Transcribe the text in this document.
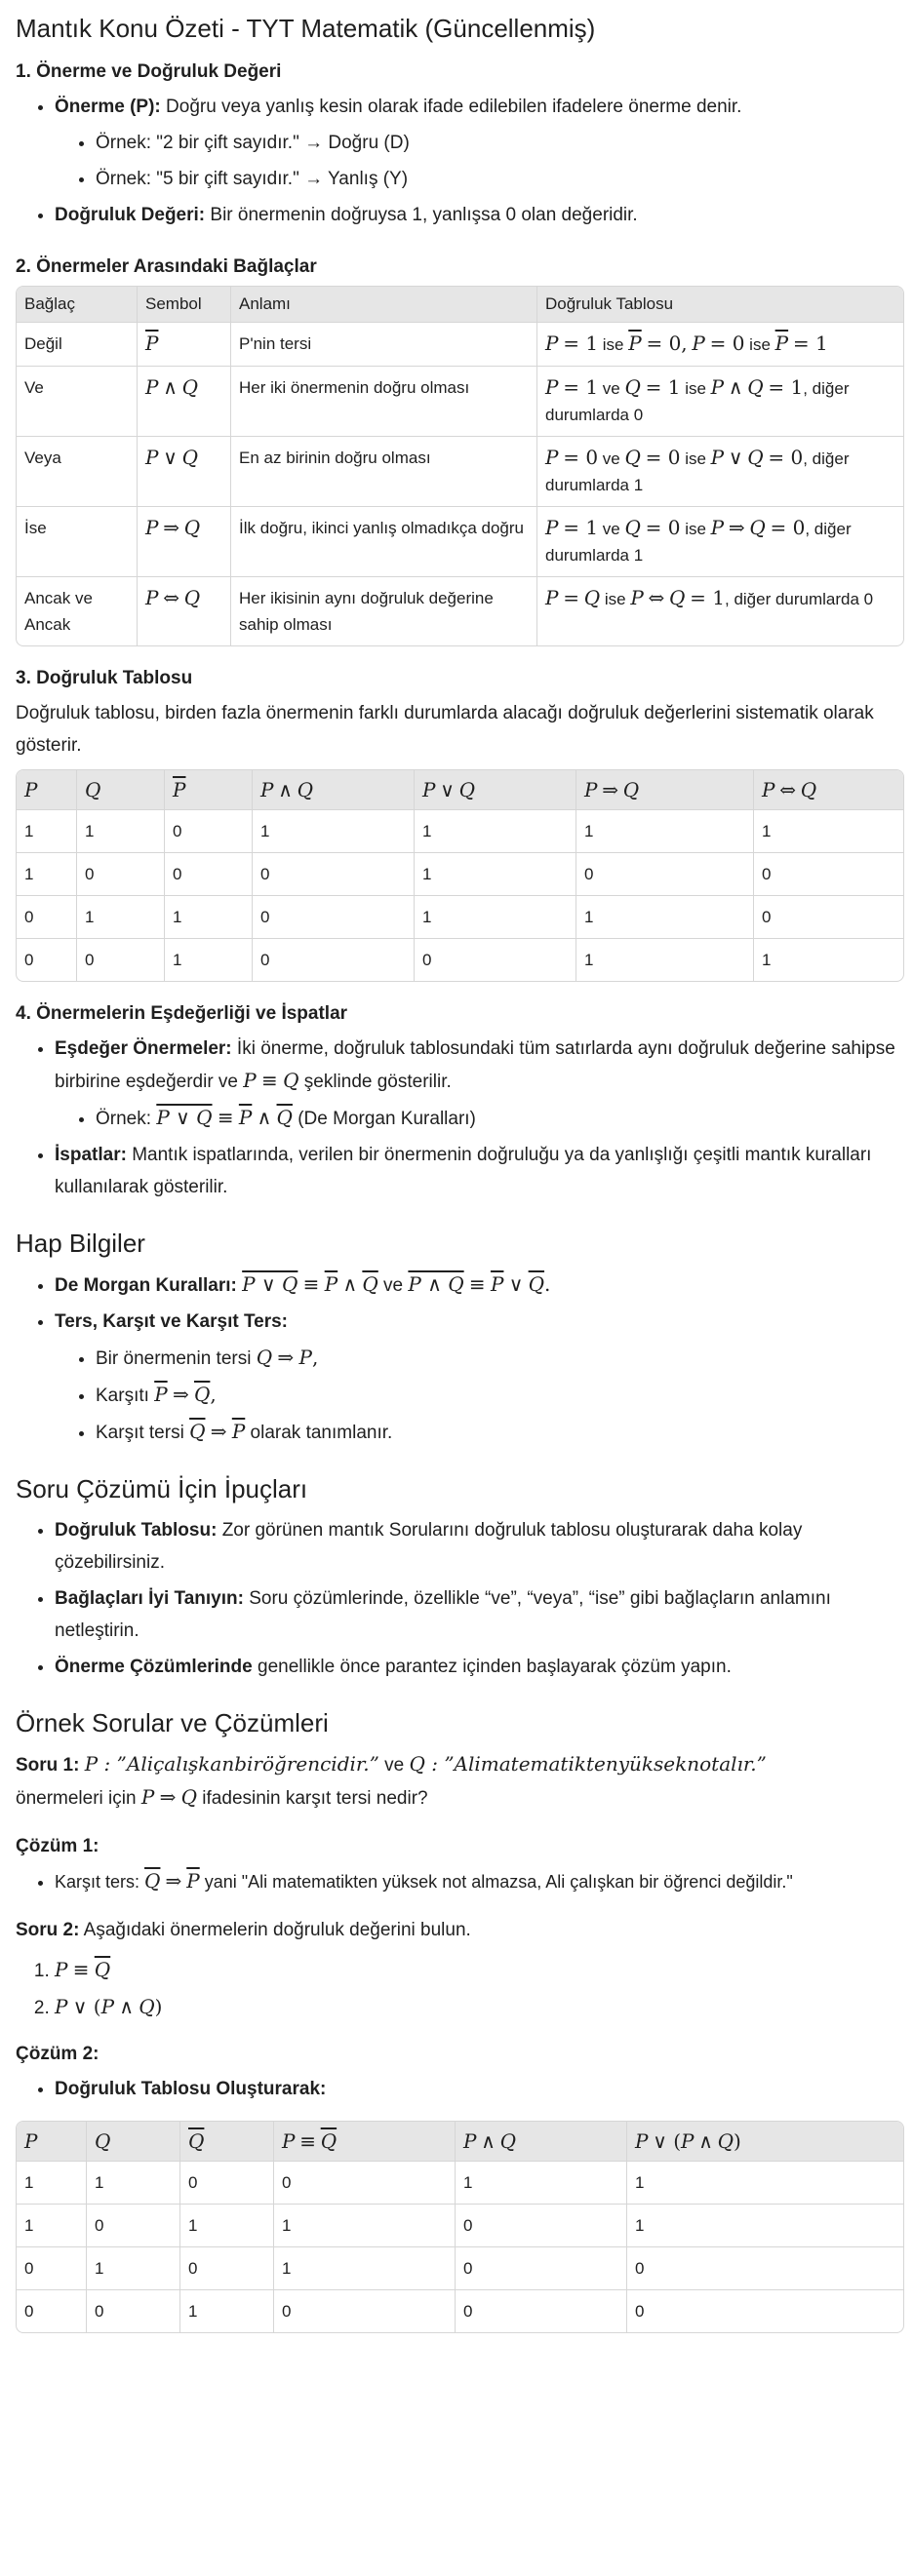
Mantık Konu Özeti - TYT Matematik (Güncellenmiş)
1. Önerme ve Doğruluk Değeri
• Önerme (P): Doğru veya yanlış kesin olarak ifade edilebilen ifadelere önerme denir.
• Örnek: "2 bir çift sayıdır." → Doğru (D)
• Örnek: "5 bir çift sayıdır." → Yanlış (Y)
• Doğruluk Değeri: Bir önermenin doğruysa 1, yanlışsa 0 olan değeridir.
2. Önermeler Arasındaki Bağlaçlar
Bağlaç	Sembol	Anlamı	Doğruluk Tablosu
Değil	$\overline{P}$	P'nin tersi	P = 1 ise $\overline{P} = 0$, P = 0 ise $\overline{P} = 1$
Ve	P ∧ Q	Her iki önermenin doğru olması	P = 1 ve Q = 1 ise P ∧ Q = 1, diğer durumlarda 0
Veya	P ∨ Q	En az birinin doğru olması	P = 0 ve Q = 0 ise P ∨ Q = 0, diğer durumlarda 1
İse	P ⇒ Q	İlk doğru, ikinci yanlış olmadıkça doğru	P = 1 ve Q = 0 ise P ⇒ Q = 0, diğer durumlarda 1
Ancak ve Ancak	P ⇔ Q	Her ikisinin aynı doğruluk değerine sahip olması	P = Q ise P ⇔ Q = 1, diğer durumlarda 0
3. Doğruluk Tablosu

Doğruluk tablosu, birden fazla önermenin farklı durumlarda alacağı doğruluk değerlerini sistematik olarak gösterir.

P	Q	$\overline{P}$	P ∧ Q	P ∨ Q	P ⇒ Q	P ⇔ Q
1	1	0	1	1	1	1
1	0	0	0	1	0	0
0	1	1	0	1	1	0
0	0	1	0	0	1	1
4. Önermelerin Eşdeğerliği ve İspatlar
• Eşdeğer Önermeler: İki önerme, doğruluk tablosundaki tüm satırlarda aynı doğruluk değerine sahipse birbirine eşdeğerdir ve P ≡ Q şeklinde gösterilir.
• Örnek: P ∨ $Q \equiv \overline{P}$ ∧ $\overline{Q}$ (De Morgan Kuralları)
• İspatlar: Mantık ispatlarında, verilen bir önermenin doğruluğu ya da yanlışlığı çeşitli mantık kuralları kullanılarak gösterilir.
Hap Bilgiler
• De Morgan Kuralları: P ∨ $Q \equiv \overline{P}$ ∧ $\overline{Q}$ ve P ∧ $Q \equiv \overline{P}$ ∨ $\overline{Q}$.
• Ters, Karşıt ve Karşıt Ters:
• Bir önermenin tersi Q ⇒ P,
• Karşıtı $\overline{P}$ ⇒ $\overline{Q}$,
• Karşıt tersi $\overline{Q}$ ⇒ $\overline{P}$ olarak tanımlanır.
Soru Çözümü İçin İpuçları
• Doğruluk Tablosu: Zor görünen mantık Sorularını doğruluk tablosu oluşturarak daha kolay çözebilirsiniz.
• Bağlaçları İyi Tanıyın: Soru çözümlerinde, özellikle “ve”, “veya”, “ise” gibi bağlaçların anlamını netleştirin.
• Önerme Çözümlerinde genellikle önce parantez içinden başlayarak çözüm yapın.
Örnek Sorular ve Çözümleri

Soru 1: P : ”Aliçalışkanbiröğrencidir.” ve Q : ”Alimatematiktenyükseknotalır.”
önermeleri için P ⇒ Q ifadesinin karşıt tersi nedir?

Çözüm 1:
• Karşıt ters: $\overline{Q}$ ⇒ $\overline{P}$ yani "Ali matematikten yüksek not almazsa, Ali çalışkan bir öğrenci değildir."

Soru 2: Aşağıdaki önermelerin doğruluk değerini bulun.

1. $P \equiv \overline{Q}$
2. P ∨ (P ∧ Q)
Çözüm 2:
• Doğruluk Tablosu Oluşturarak:
P	Q	$\overline{Q}$	$P \equiv \overline{Q}$	P ∧ Q	P ∨ (P ∧ Q)
1	1	0	0	1	1
1	0	1	1	0	1
0	1	0	1	0	0
0	0	1	0	0	0
